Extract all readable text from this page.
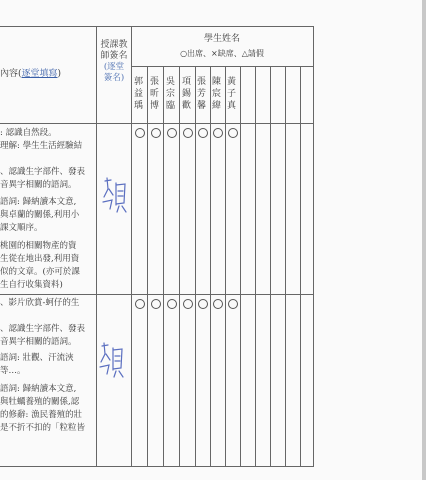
內容(逐堂填寫)
授課教師簽名
(逐堂簽名)
學生姓名
○出席、×缺席、△請假
郭益瑀
張昕博
吳宗臨
項錫歡
張芳馨
陳宸緯
黃子真
: 認識自然段。
理解: 學生生活經驗結
、認識生字部件、發表
音異字相關的語詞。
語詞: 歸納讀本文意,
與卓蘭的關係,利用小
課文順序。
桃園的相關物產的資
生從在地出發,利用資
似的文章。(亦可於課
生自行收集資料)
、影片欣賞-蚵仔的生
、認識生字部件、發表
音異字相關的語詞。
語詞: 壯觀、汗流浹
等…。
語詞: 歸納讀本文意,
與牡蠣養殖的關係,認
的修辭: 漁民養殖的壯
是不折不扣的「粒粒皆
